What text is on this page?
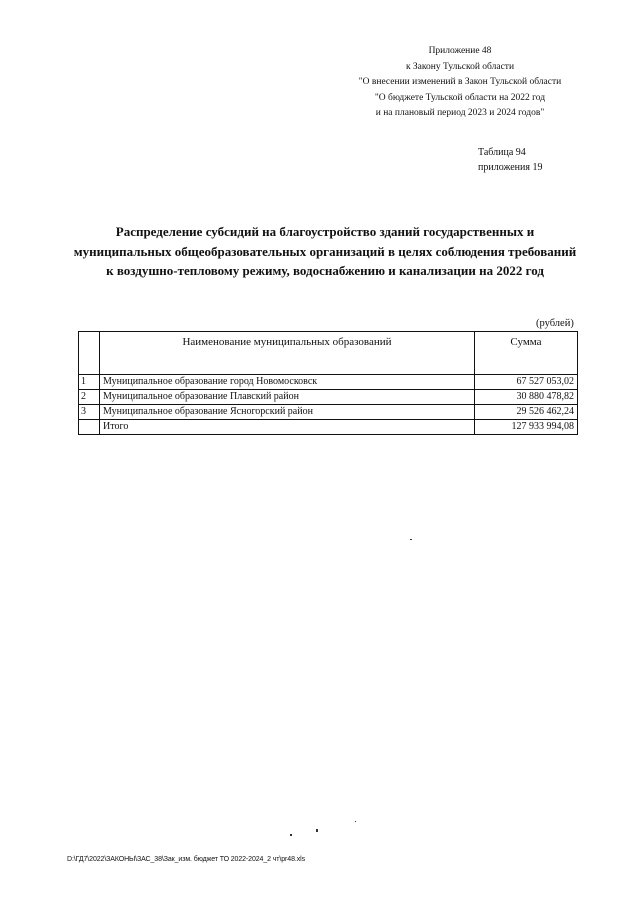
Приложение 48
к Закону Тульской области
"О внесении изменений в Закон Тульской области
"О бюджете Тульской области на 2022 год
и на плановый период 2023 и 2024 годов"
Таблица 94
приложения 19
Распределение субсидий на благоустройство зданий государственных и
муниципальных общеобразовательных организаций в целях соблюдения требований
к воздушно-тепловому режиму, водоснабжению и канализации на 2022 год
(рублей)
	Наименование муниципальных образований	Сумма
1	Муниципальное образование город Новомосковск	67 527 053,02
2	Муниципальное образование Плавский район	30 880 478,82
3	Муниципальное образование Ясногорский район	29 526 462,24
	Итого	127 933 994,08
D:\ГД7\2022\ЗАКОНЫ\ЗАС_38\Зак_изм. бюджет ТО 2022-2024_2 чт\pr48.xls
